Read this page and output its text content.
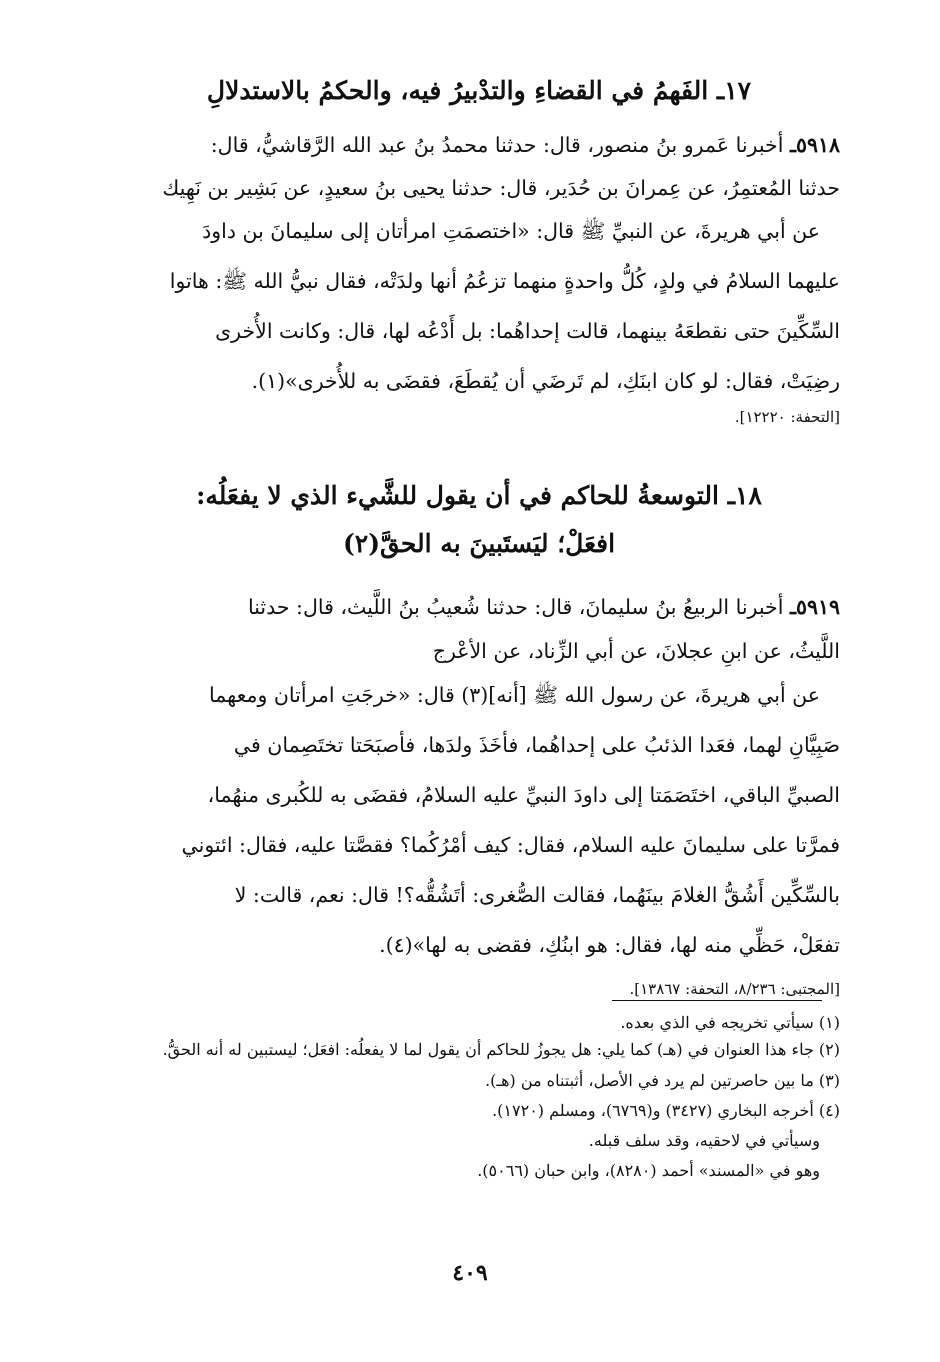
١٧ـ الفَهمُ في القضاءِ والتدْبيرُ فيه، والحكمُ بالاستدلالِ
٥٩١٨ـ أخبرنا عَمرو بنُ منصور، قال: حدثنا محمدُ بنُ عبد الله الرَّقاشيُّ، قال:
حدثنا المُعتمِرُ، عن عِمرانَ بن حُدَير، قال: حدثنا يحيى بنُ سعيدٍ، عن بَشِير بن نَهِيك
عن أبي هريرةَ، عن النبيِّ ﷺ قال: «اختصمَتِ امرأتان إلى سليمانَ بن داودَ
عليهما السلامُ في ولدٍ، كُلُّ واحدةٍ منهما تزعُمُ أنها ولدَتْه، فقال نبيُّ الله ﷺ: هاتوا
السِّكِّينَ حتى نقطعَهُ بينهما، قالت إحداهُما: بل أَدْعُه لها، قال: وكانت الأُخرى
رضِيَتْ، فقال: لو كان ابنَكِ، لم تَرضَي أن يُقطَعَ، فقضَى به للأُخرى»(١).

[التحفة: ١٢٢٢٠].

١٨ـ التوسعةُ للحاكم في أن يقول للشَّيء الذي لا يفعَلُه:
افعَلْ؛ ليَستَبينَ به الحقَّ(٢)
٥٩١٩ـ أخبرنا الربيعُ بنُ سليمانَ، قال: حدثنا شُعيبُ بنُ اللَّيث، قال: حدثنا
اللَّيثُ، عن ابنِ عجلانَ، عن أبي الزِّناد، عن الأعْرج
عن أبي هريرةَ، عن رسول الله ﷺ [أنه](٣) قال: «خرجَتِ امرأتان ومعهما
صَبِيَّانِ لهما، فعَدا الذئبُ على إحداهُما، فأخَذَ ولدَها، فأصبَحَتا تختَصِمان في
الصبيِّ الباقي، اختَصَمَتا إلى داودَ النبيِّ عليه السلامُ، فقضَى به للكُبرى منهُما،
فمرَّتا على سليمانَ عليه السلام، فقال: كيف أمْرُكُما؟ فقصَّتا عليه، فقال: ائتوني
بالسِّكِّين أَشُقُّ الغلامَ بينَهُما، فقالت الصُّغرى: أتَشُقُّه؟! قال: نعم، قالت: لا
تفعَلْ، حَظِّي منه لها، فقال: هو ابنُكِ، فقضى به لها»(٤).

[المجتبى: ٨/٢٣٦، التحفة: ١٣٨٦٧].

(١) سيأتي تخريجه في الذي بعده.
(٢) جاء هذا العنوان في (هـ) كما يلي: هل يجوزُ للحاكم أن يقول لما لا يفعلُه: افعَل؛ ليستبين له أنه الحقُّ.
(٣) ما بين حاصرتين لم يرد في الأصل، أثبتناه من (هـ).
(٤) أخرجه البخاري (٣٤٢٧) و(٦٧٦٩)، ومسلم (١٧٢٠).
وسيأتي في لاحقيه، وقد سلف قبله.
وهو في «المسند» أحمد (٨٢٨٠)، وابن حبان (٥٠٦٦).
٤٠٩
